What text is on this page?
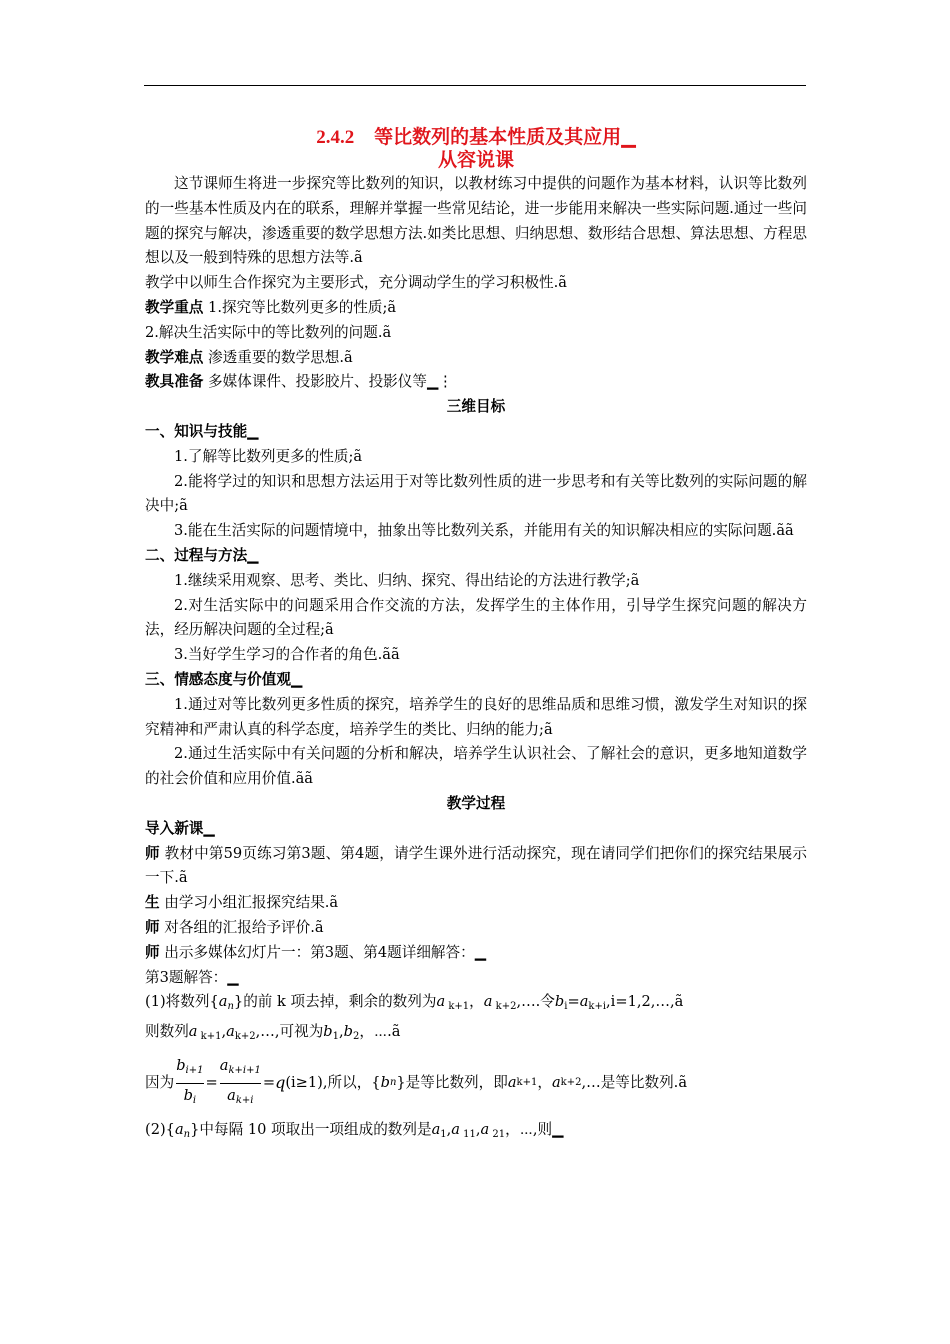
2.4.2 等比数列的基本性质及其应用▁
从容说课

这节课师生将进一步探究等比数列的知识，以教材练习中提供的问题作为基本材料，认识等比数列的一些基本性质及内在的联系，理解并掌握一些常见结论，进一步能用来解决一些实际问题.通过一些问题的探究与解决，渗透重要的数学思想方法.如类比思想、归纳思想、数形结合思想、算法思想、方程思想以及一般到特殊的思想方法等.ã

教学中以师生合作探究为主要形式，充分调动学生的学习积极性.ã

教学重点 1.探究等比数列更多的性质;ã

2.解决生活实际中的等比数列的问题.ã

教学难点 渗透重要的数学思想.ã

教具准备 多媒体课件、投影胶片、投影仪等▁⋮

三维目标

一、知识与技能▁

1.了解等比数列更多的性质;ã

2.能将学过的知识和思想方法运用于对等比数列性质的进一步思考和有关等比数列的实际问题的解决中;ã

3.能在生活实际的问题情境中，抽象出等比数列关系，并能用有关的知识解决相应的实际问题.ãã

二、过程与方法▁

1.继续采用观察、思考、类比、归纳、探究、得出结论的方法进行教学;ã

2.对生活实际中的问题采用合作交流的方法，发挥学生的主体作用，引导学生探究问题的解决方法，经历解决问题的全过程;ã

3.当好学生学习的合作者的角色.ãã

三、情感态度与价值观▁

1.通过对等比数列更多性质的探究，培养学生的良好的思维品质和思维习惯，激发学生对知识的探究精神和严肃认真的科学态度，培养学生的类比、归纳的能力;ã

2.通过生活实际中有关问题的分析和解决，培养学生认识社会、了解社会的意识，更多地知道数学的社会价值和应用价值.ãã

教学过程

导入新课▁

师 教材中第59页练习第3题、第4题，请学生课外进行活动探究，现在请同学们把你们的探究结果展示一下.ã

生 由学习小组汇报探究结果.ã

师 对各组的汇报给予评价.ã

师 出示多媒体幻灯片一：第3题、第4题详细解答：▁

第3题解答：▁

(1)将数列$\{a_n\}$的前 k 项去掉，剩余的数列为a $_{k+1}$，a $_{k+2}$,….令$b_i=a_{k+i},i=1,2,\dots,ã$

则数列a $_{k+1},a_{k+2},\dots$,可视为$b_1,b_2$，⋯.ã

因为 $\frac{b_{i+1}}{b_i} = \frac{a_{k+i+1}}{a_{k+i}} = q$ (i≥1),所以，{ b n }是等比数列，即 a k+1 ， a k+2 ,…是等比数列.ã

$(2)\{a_n\}$中每隔 10 项取出一项组成的数列是$a_1,a$ $_{11}$,a $_{21}$，⋯,则▁
